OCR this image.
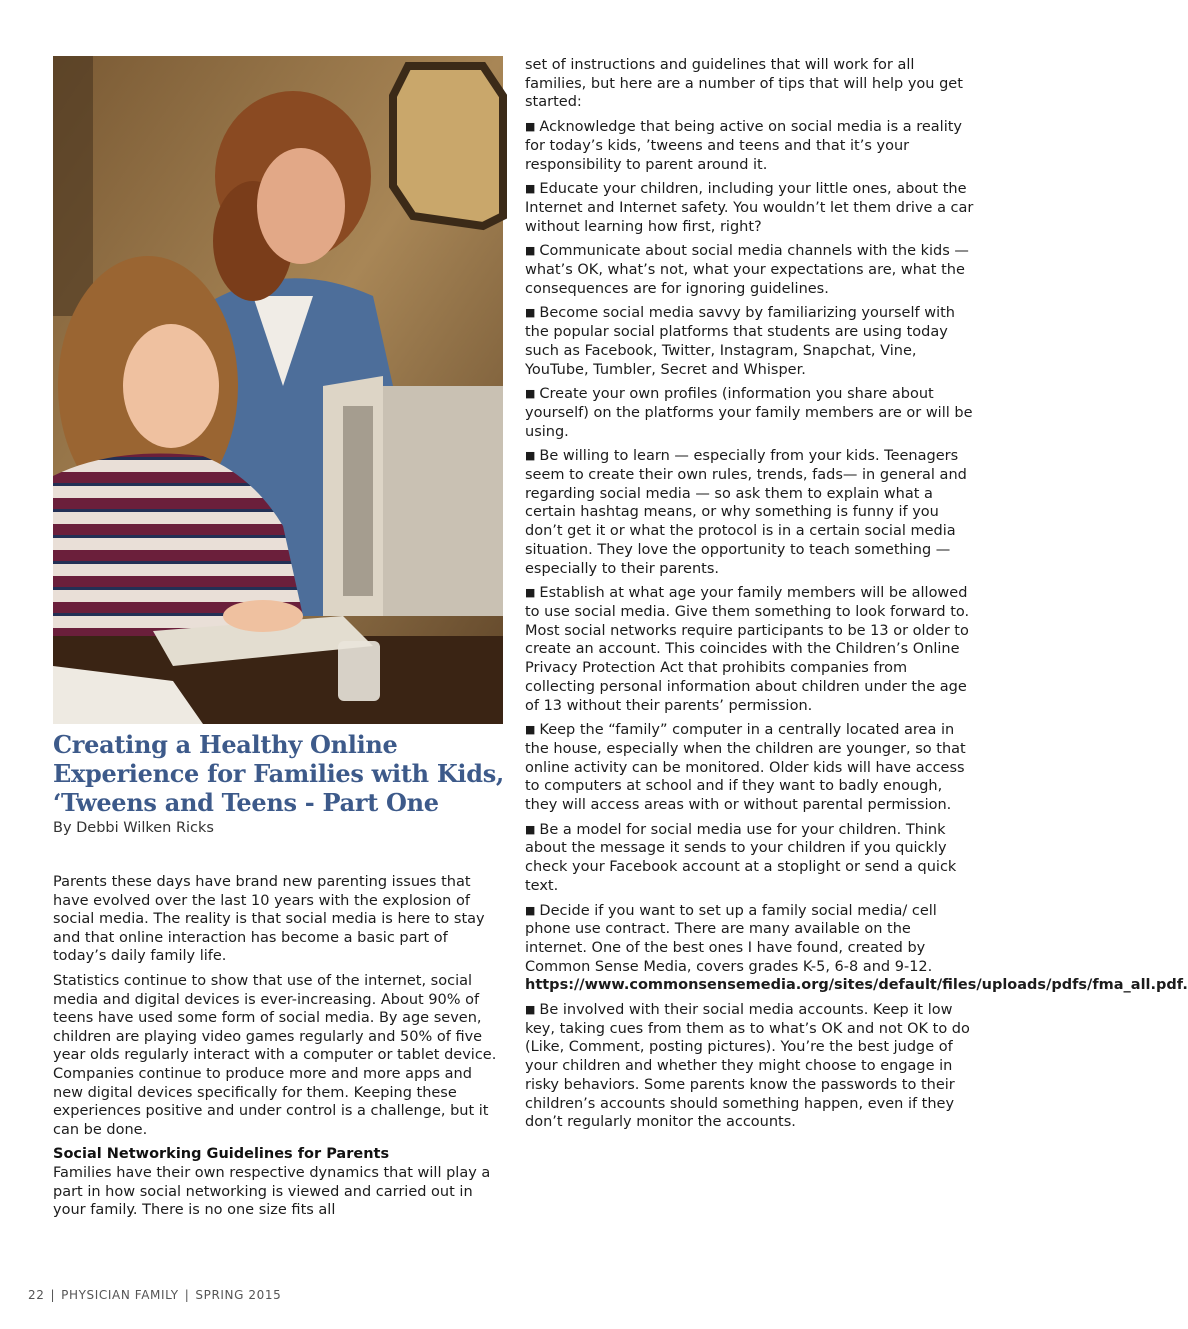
Creating a Healthy Online Experience for Families with Kids, ‘Tweens and Teens - Part One
By Debbi Wilken Ricks

Parents these days have brand new parenting issues that have evolved over the last 10 years with the explosion of social media. The reality is that social media is here to stay and that online interaction has become a basic part of today’s daily family life.

Statistics continue to show that use of the internet, social media and digital devices is ever-increasing. About 90% of teens have used some form of social media. By age seven, children are playing video games regularly and 50% of five year olds regularly interact with a computer or tablet device. Companies continue to produce more and more apps and new digital devices specifically for them. Keeping these experiences positive and under control is a challenge, but it can be done.

Social Networking Guidelines for Parents

Families have their own respective dynamics that will play a part in how social networking is viewed and carried out in your family. There is no one size fits all

set of instructions and guidelines that will work for all families, but here are a number of tips that will help you get started:

■ Acknowledge that being active on social media is a reality for today’s kids, ’tweens and teens and that it’s your responsibility to parent around it.

■ Educate your children, including your little ones, about the Internet and Internet safety. You wouldn’t let them drive a car without learning how first, right?

■ Communicate about social media channels with the kids — what’s OK, what’s not, what your expectations are, what the consequences are for ignoring guidelines.

■ Become social media savvy by familiarizing yourself with the popular social platforms that students are using today such as Facebook, Twitter, Instagram, Snapchat, Vine, YouTube, Tumbler, Secret and Whisper.

■ Create your own profiles (information you share about yourself) on the platforms your family members are or will be using.

■ Be willing to learn — especially from your kids. Teenagers seem to create their own rules, trends, fads— in general and regarding social media — so ask them to explain what a certain hashtag means, or why something is funny if you don’t get it or what the protocol is in a certain social media situation. They love the opportunity to teach something — especially to their parents.

■ Establish at what age your family members will be allowed to use social media. Give them something to look forward to. Most social networks require participants to be 13 or older to create an account. This coincides with the Children’s Online Privacy Protection Act that prohibits companies from collecting personal information about children under the age of 13 without their parents’ permission.

■ Keep the “family” computer in a centrally located area in the house, especially when the children are younger, so that online activity can be monitored. Older kids will have access to computers at school and if they want to badly enough, they will access areas with or without parental permission.

■ Be a model for social media use for your children. Think about the message it sends to your children if you quickly check your Facebook account at a stoplight or send a quick text.

■ Decide if you want to set up a family social media/ cell phone use contract. There are many available on the internet. One of the best ones I have found, created by Common Sense Media, covers grades K-5, 6-8 and 9-12. https://www.commonsensemedia.org/sites/default/files/uploads/pdfs/fma_all.pdf.

■ Be involved with their social media accounts. Keep it low key, taking cues from them as to what’s OK and not OK to do (Like, Comment, posting pictures). You’re the best judge of your children and whether they might choose to engage in risky behaviors. Some parents know the passwords to their children’s accounts should something happen, even if they don’t regularly monitor the accounts.

22 | PHYSICIAN FAMILY | SPRING 2015
